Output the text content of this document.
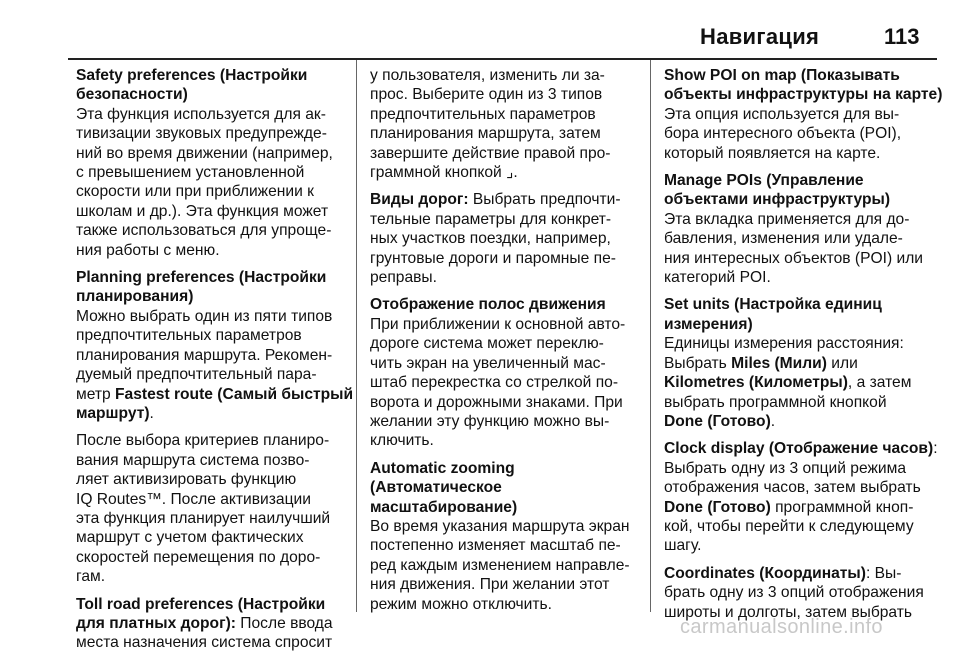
Навигация	113
Safety preferences (Настройки
безопасности)
Эта функция используется для ак-
тивизации звуковых предупрежде-
ний во время движении (например,
с превышением установленной
скорости или при приближении к
школам и др.). Эта функция может
также использоваться для упроще-
ния работы с меню.
Planning preferences (Настройки
планирования)
Можно выбрать один из пяти типов
предпочтительных параметров
планирования маршрута. Рекомен-
дуемый предпочтительный пара-
метр Fastest route (Самый быстрый
маршрут).
После выбора критериев планиро-
вания маршрута система позво-
ляет активизировать функцию
IQ Routes™. После активизации
эта функция планирует наилучший
маршрут с учетом фактических
скоростей перемещения по доро-
гам.
Toll road preferences (Настройки
для платных дорог): После ввода
места назначения система спросит
у пользователя, изменить ли за-
прос. Выберите один из 3 типов
предпочтительных параметров
планирования маршрута, затем
завершите действие правой про-
граммной кнопкой ⌟.
Виды дорог: Выбрать предпочти-
тельные параметры для конкрет-
ных участков поездки, например,
грунтовые дороги и паромные пе-
реправы.
Отображение полос движения
При приближении к основной авто-
дороге система может переклю-
чить экран на увеличенный мас-
штаб перекрестка со стрелкой по-
ворота и дорожными знаками. При
желании эту функцию можно вы-
ключить.
Automatic zooming
(Автоматическое
масштабирование)
Во время указания маршрута экран
постепенно изменяет масштаб пе-
ред каждым изменением направле-
ния движения. При желании этот
режим можно отключить.
Show POI on map (Показывать
объекты инфраструктуры на карте)
Эта опция используется для вы-
бора интересного объекта (POI),
который появляется на карте.
Manage POIs (Управление
объектами инфраструктуры)
Эта вкладка применяется для до-
бавления, изменения или удале-
ния интересных объектов (POI) или
категорий POI.
Set units (Настройка единиц
измерения)
Единицы измерения расстояния:
Выбрать Miles (Мили) или
Kilometres (Километры), а затем
выбрать программной кнопкой
Done (Готово).
Clock display (Отображение часов):
Выбрать одну из 3 опций режима
отображения часов, затем выбрать
Done (Готово) программной кноп-
кой, чтобы перейти к следующему
шагу.
Coordinates (Координаты): Вы-
брать одну из 3 опций отображения
широты и долготы, затем выбрать
carmanualsonline.info
